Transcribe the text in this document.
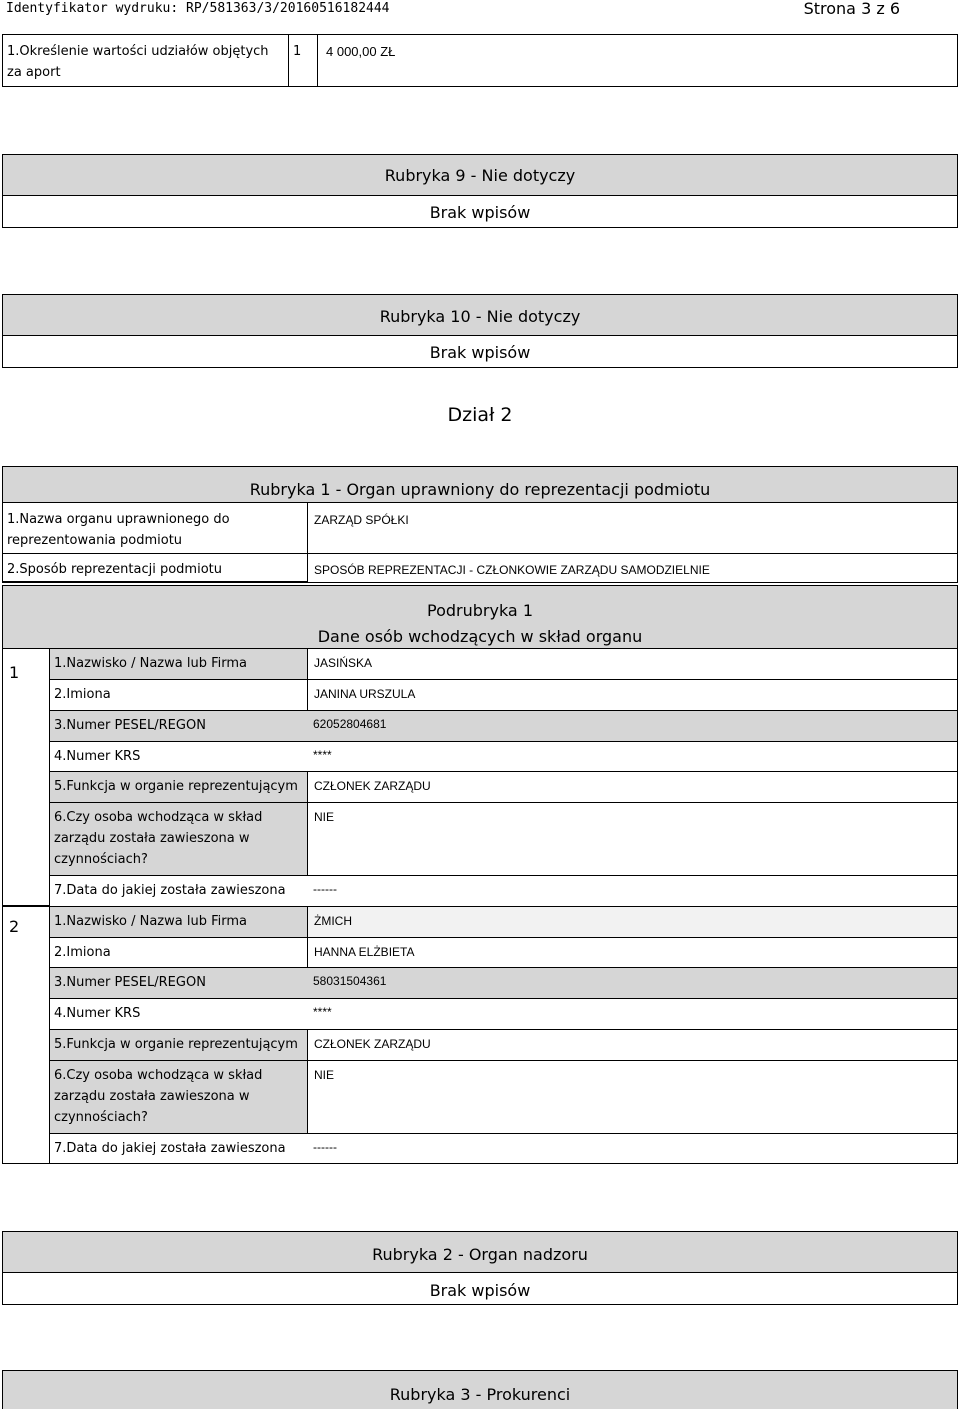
Identyfikator wydruku: RP/581363/3/20160516182444	Strona 3 z 6
1.Określenie wartości udziałów objętych za aport
1	4 000,00 ZŁ
Rubryka 9 - Nie dotyczy
Brak wpisów
Rubryka 10 - Nie dotyczy
Brak wpisów
Dział 2
Rubryka 1 - Organ uprawniony do reprezentacji podmiotu
1.Nazwa organu uprawnionego do reprezentowania podmiotu
ZARZĄD SPÓŁKI
2.Sposób reprezentacji podmiotu	SPOSÓB REPREZENTACJI - CZŁONKOWIE ZARZĄDU SAMODZIELNIE
Podrubryka 1
Dane osób wchodzących w skład organu
1	1.Nazwisko / Nazwa lub Firma	JASIŃSKA
2.Imiona	JANINA URSZULA
3.Numer PESEL/REGON	62052804681
4.Numer KRS	****
5.Funkcja w organie reprezentującym	CZŁONEK ZARZĄDU
6.Czy osoba wchodząca w skład zarządu została zawieszona w czynnościach?
NIE
7.Data do jakiej została zawieszona	------
2	1.Nazwisko / Nazwa lub Firma	ŻMICH
2.Imiona	HANNA ELŻBIETA
3.Numer PESEL/REGON	58031504361
4.Numer KRS	****
5.Funkcja w organie reprezentującym	CZŁONEK ZARZĄDU
6.Czy osoba wchodząca w skład zarządu została zawieszona w czynnościach?
NIE
7.Data do jakiej została zawieszona	------
Rubryka 2 - Organ nadzoru
Brak wpisów
Rubryka 3 - Prokurenci
